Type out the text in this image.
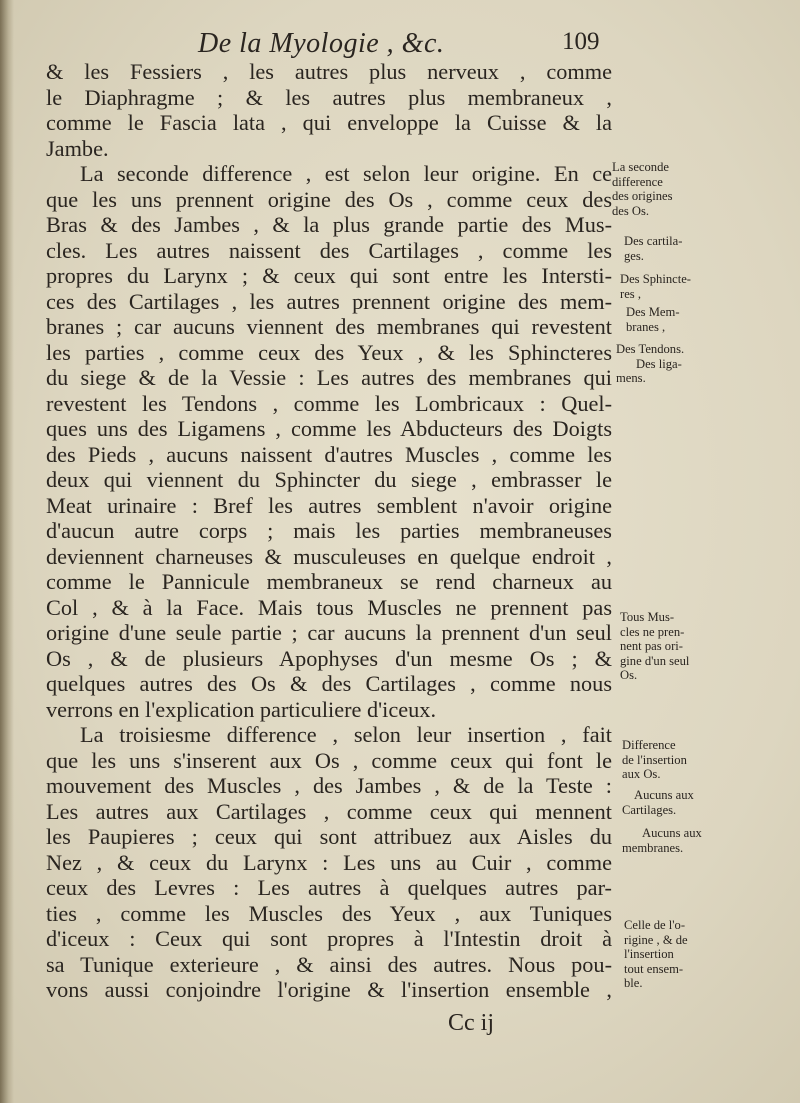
De la Myologie , &c.	109
& les Fessiers , les autres plus nerveux , comme
le Diaphragme ; & les autres plus membraneux ,
comme le Fascia lata , qui enveloppe la Cuisse & la
Jambe.
La seconde difference , est selon leur origine. En ce
que les uns prennent origine des Os , comme ceux des
Bras & des Jambes , & la plus grande partie des Mus-
cles. Les autres naissent des Cartilages , comme les
propres du Larynx ; & ceux qui sont entre les Intersti-
ces des Cartilages , les autres prennent origine des mem-
branes ; car aucuns viennent des membranes qui revestent
les parties , comme ceux des Yeux , & les Sphincteres
du siege & de la Vessie : Les autres des membranes qui
revestent les Tendons , comme les Lombricaux : Quel-
ques uns des Ligamens , comme les Abducteurs des Doigts
des Pieds , aucuns naissent d'autres Muscles , comme les
deux qui viennent du Sphincter du siege , embrasser le
Meat urinaire : Bref les autres semblent n'avoir origine
d'aucun autre corps ; mais les parties membraneuses
deviennent charneuses & musculeuses en quelque endroit ,
comme le Pannicule membraneux se rend charneux au
Col , & à la Face. Mais tous Muscles ne prennent pas
origine d'une seule partie ; car aucuns la prennent d'un seul
Os , & de plusieurs Apophyses d'un mesme Os ; &
quelques autres des Os & des Cartilages , comme nous
verrons en l'explication particuliere d'iceux.
La troisiesme difference , selon leur insertion , fait
que les uns s'inserent aux Os , comme ceux qui font le
mouvement des Muscles , des Jambes , & de la Teste :
Les autres aux Cartilages , comme ceux qui mennent
les Paupieres ; ceux qui sont attribuez aux Aisles du
Nez , & ceux du Larynx : Les uns au Cuir , comme
ceux des Levres : Les autres à quelques autres par-
ties , comme les Muscles des Yeux , aux Tuniques
d'iceux : Ceux qui sont propres à l'Intestin droit à
sa Tunique exterieure , & ainsi des autres. Nous pou-
vons aussi conjoindre l'origine & l'insertion ensemble ,
La seconde
difference
des origines
des Os.
Des cartila-
ges.
Des Sphincte-
res ,
Des Mem-
branes ,
Des Tendons.
Des liga-
mens.
Tous Mus-
cles ne pren-
nent pas ori-
gine d'un seul
Os.
Difference
de l'insertion
aux Os.
Aucuns aux
Cartilages.
Aucuns aux
membranes.
Celle de l'o-
rigine , & de
l'insertion
tout ensem-
ble.
Cc ij
